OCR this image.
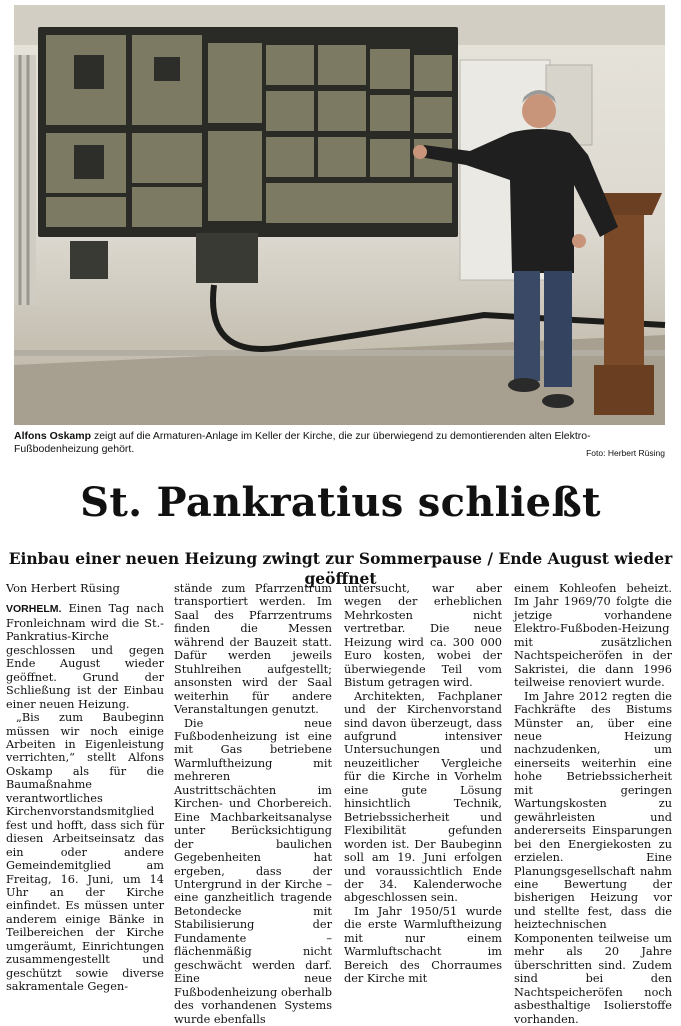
Alfons Oskamp zeigt auf die Armaturen-Anlage im Keller der Kirche, die zur überwiegend zu demontierenden alten Elektro-Fußbodenheizung gehört.	Foto: Herbert Rüsing
St. Pankratius schließt
Einbau einer neuen Heizung zwingt zur Sommerpause / Ende August wieder geöffnet

Von Herbert Rüsing

VORHELM. Einen Tag nach Fronleichnam wird die St.-Pankratius-Kirche geschlossen und gegen Ende August wieder geöffnet. Grund der Schließung ist der Einbau einer neuen Heizung.

„Bis zum Baubeginn müssen wir noch einige Arbeiten in Eigenleistung verrichten,“ stellt Alfons Oskamp als für die Baumaßnahme verantwortliches Kirchenvorstandsmitglied fest und hofft, dass sich für diesen Arbeitseinsatz das ein oder andere Gemeindemitglied am Freitag, 16. Juni, um 14 Uhr an der Kirche einfindet. Es müssen unter anderem einige Bänke in Teilbereichen der Kirche umgeräumt, Einrichtungen zusammengestellt und geschützt sowie diverse sakramentale Gegen-

stände zum Pfarrzentrum transportiert werden. Im Saal des Pfarrzentrums finden die Messen während der Bauzeit statt. Dafür werden jeweils Stuhlreihen aufgestellt; ansonsten wird der Saal weiterhin für andere Veranstaltungen genutzt.

Die neue Fußbodenheizung ist eine mit Gas betriebene Warmluftheizung mit mehreren Austrittschächten im Kirchen- und Chorbereich. Eine Machbarkeitsanalyse unter Berücksichtigung der baulichen Gegebenheiten hat ergeben, dass der Untergrund in der Kirche – eine ganzheitlich tragende Betondecke mit Stabilisierung der Fundamente – flächenmäßig nicht geschwächt werden darf. Eine neue Fußbodenheizung oberhalb des vorhandenen Systems wurde ebenfalls

untersucht, war aber wegen der erheblichen Mehrkosten nicht vertretbar. Die neue Heizung wird ca. 300 000 Euro kosten, wobei der überwiegende Teil vom Bistum getragen wird.

Architekten, Fachplaner und der Kirchenvorstand sind davon überzeugt, dass aufgrund intensiver Untersuchungen und neuzeitlicher Vergleiche für die Kirche in Vorhelm eine gute Lösung hinsichtlich Technik, Betriebssicherheit und Flexibilität gefunden worden ist. Der Baubeginn soll am 19. Juni erfolgen und voraussichtlich Ende der 34. Kalenderwoche abgeschlossen sein.

Im Jahr 1950/51 wurde die erste Warmluftheizung mit nur einem Warmluftschacht im Bereich des Chorraumes der Kirche mit

einem Kohleofen beheizt. Im Jahr 1969/70 folgte die jetzige vorhandene Elektro-Fußboden-Heizung mit zusätzlichen Nachtspeicheröfen in der Sakristei, die dann 1996 teilweise renoviert wurde.

Im Jahre 2012 regten die Fachkräfte des Bistums Münster an, über eine neue Heizung nachzudenken, um einerseits weiterhin eine hohe Betriebssicherheit mit geringen Wartungskosten zu gewährleisten und andererseits Einsparungen bei den Energiekosten zu erzielen. Eine Planungsgesellschaft nahm eine Bewertung der bisherigen Heizung vor und stellte fest, dass die heiztechnischen Komponenten teilweise um mehr als 20 Jahre überschritten sind. Zudem sind bei den Nachtspeicheröfen noch asbesthaltige Isolierstoffe vorhanden.
